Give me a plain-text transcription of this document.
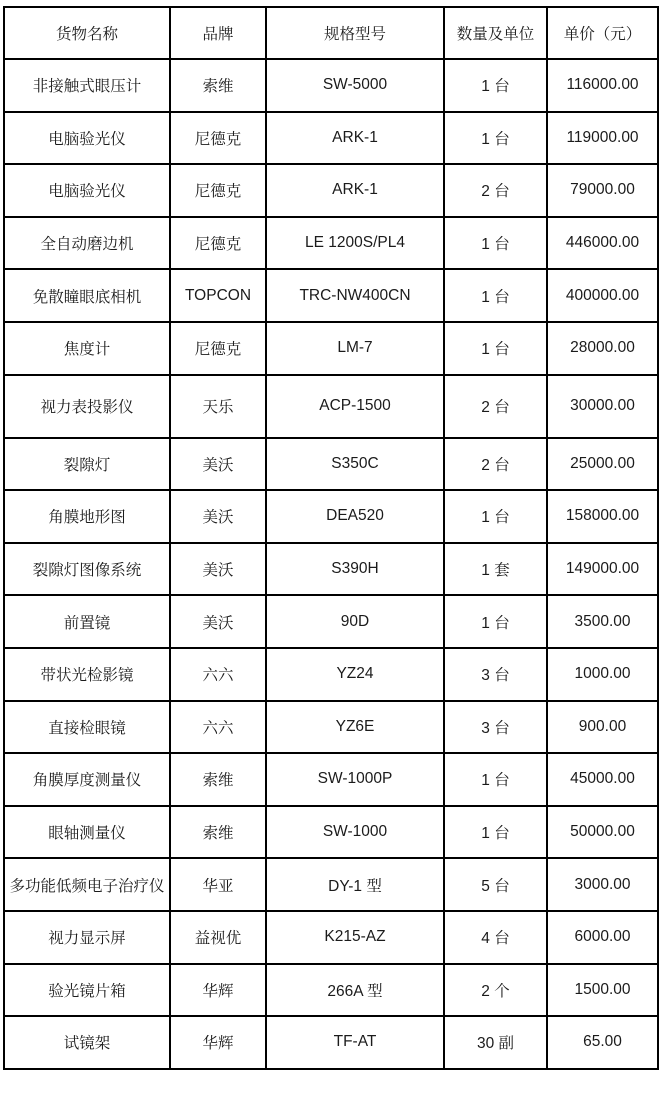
货物名称	品牌	规格型号	数量及单位	单价（元）
非接触式眼压计	索维	SW-5000	1 台	116000.00
电脑验光仪	尼德克	ARK-1	1 台	119000.00
电脑验光仪	尼德克	ARK-1	2 台	79000.00
全自动磨边机	尼德克	LE 1200S/PL4	1 台	446000.00
免散瞳眼底相机	TOPCON	TRC-NW400CN	1 台	400000.00
焦度计	尼德克	LM-7	1 台	28000.00
视力表投影仪	天乐	ACP-1500	2 台	30000.00
裂隙灯	美沃	S350C	2 台	25000.00
角膜地形图	美沃	DEA520	1 台	158000.00
裂隙灯图像系统	美沃	S390H	1 套	149000.00
前置镜	美沃	90D	1 台	3500.00
带状光检影镜	六六	YZ24	3 台	1000.00
直接检眼镜	六六	YZ6E	3 台	900.00
角膜厚度测量仪	索维	SW-1000P	1 台	45000.00
眼轴测量仪	索维	SW-1000	1 台	50000.00
多功能低频电子治疗仪	华亚	DY-1 型	5 台	3000.00
视力显示屏	益视优	K215-AZ	4 台	6000.00
验光镜片箱	华辉	266A 型	2 个	1500.00
试镜架	华辉	TF-AT	30 副	65.00
